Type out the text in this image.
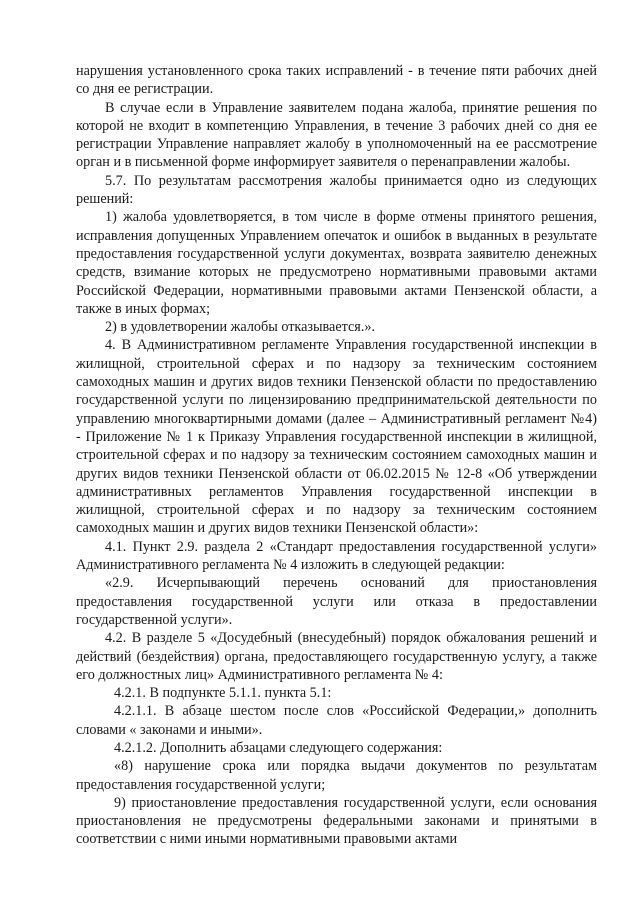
нарушения установленного срока таких исправлений - в течение пяти рабочих дней со дня ее регистрации.

В случае если в Управление заявителем подана жалоба, принятие решения по которой не входит в компетенцию Управления, в течение 3 рабочих дней со дня ее регистрации Управление направляет жалобу в уполномоченный на ее рассмотрение орган и в письменной форме информирует заявителя о перенаправлении жалобы.

5.7. По результатам рассмотрения жалобы принимается одно из следующих решений:

1) жалоба удовлетворяется, в том числе в форме отмены принятого решения, исправления допущенных Управлением опечаток и ошибок в выданных в результате предоставления государственной услуги документах, возврата заявителю денежных средств, взимание которых не предусмотрено нормативными правовыми актами Российской Федерации, нормативными правовыми актами Пензенской области, а также в иных формах;

2) в удовлетворении жалобы отказывается.».

4. В Административном регламенте Управления государственной инспекции в жилищной, строительной сферах и по надзору за техническим состоянием самоходных машин и других видов техники Пензенской области по предоставлению государственной услуги по лицензированию предпринимательской деятельности по управлению многоквартирными домами (далее – Административный регламент №4) - Приложение № 1 к Приказу Управления государственной инспекции в жилищной, строительной сферах и по надзору за техническим состоянием самоходных машин и других видов техники Пензенской области от 06.02.2015 № 12-8 «Об утверждении административных регламентов Управления государственной инспекции в жилищной, строительной сферах и по надзору за техническим состоянием самоходных машин и других видов техники Пензенской области»:

4.1. Пункт 2.9. раздела 2 «Стандарт предоставления государственной услуги» Административного регламента № 4 изложить в следующей редакции:

«2.9. Исчерпывающий перечень оснований для приостановления предоставления государственной услуги или отказа в предоставлении государственной услуги».

4.2. В разделе 5 «Досудебный (внесудебный) порядок обжалования решений и действий (бездействия) органа, предоставляющего государственную услугу, а также его должностных лиц» Административного регламента № 4:

4.2.1. В подпункте 5.1.1. пункта 5.1:

4.2.1.1. В абзаце шестом после слов «Российской Федерации,» дополнить словами « законами и иными».

4.2.1.2. Дополнить абзацами следующего содержания:

«8) нарушение срока или порядка выдачи документов по результатам предоставления государственной услуги;

9) приостановление предоставления государственной услуги, если основания приостановления не предусмотрены федеральными законами и принятыми в соответствии с ними иными нормативными правовыми актами
